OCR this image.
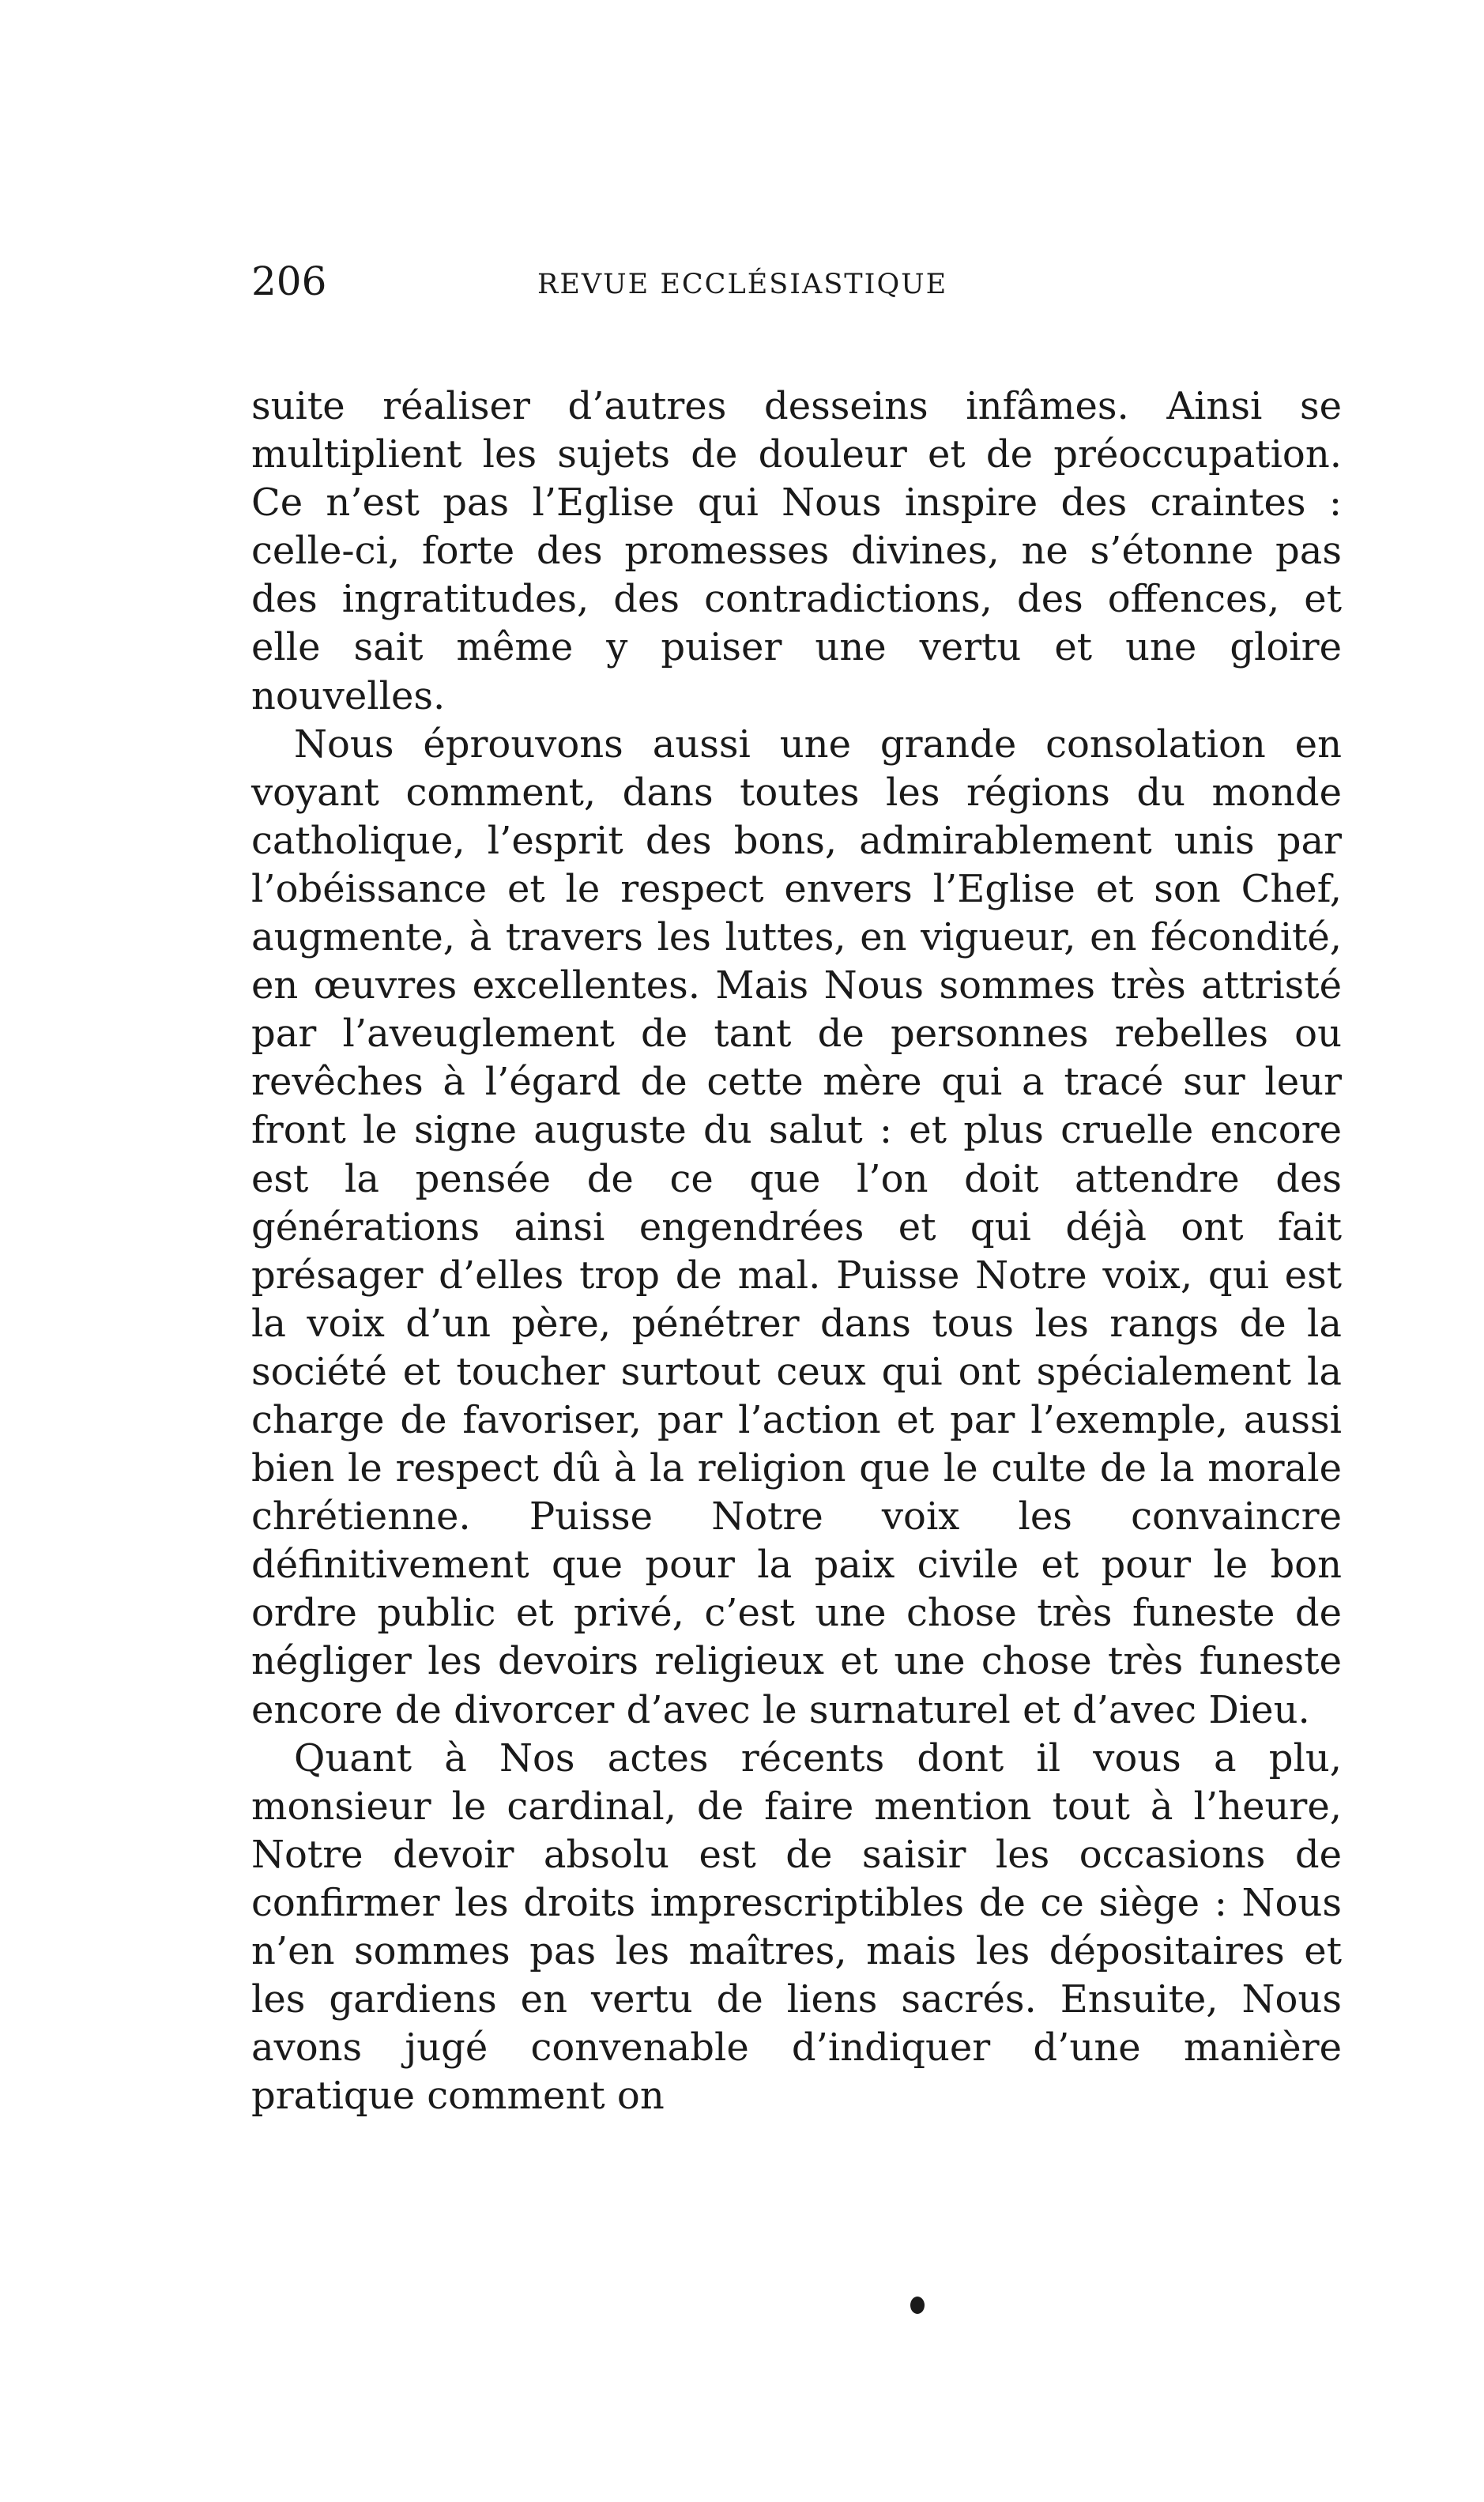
206	REVUE ECCLÉSIASTIQUE

suite réaliser d’autres desseins infâmes. Ainsi se multiplient les sujets de douleur et de préoccupation. Ce n’est pas l’Eglise qui Nous inspire des craintes : celle-ci, forte des promesses divines, ne s’étonne pas des ingratitudes, des contradictions, des offences, et elle sait même y puiser une vertu et une gloire nouvelles.

Nous éprouvons aussi une grande consolation en voyant comment, dans toutes les régions du monde catholique, l’esprit des bons, admirablement unis par l’obéissance et le respect envers l’Eglise et son Chef, augmente, à travers les luttes, en vigueur, en fécondité, en œuvres excellentes. Mais Nous sommes très attristé par l’aveuglement de tant de personnes rebelles ou revêches à l’égard de cette mère qui a tracé sur leur front le signe auguste du salut : et plus cruelle encore est la pensée de ce que l’on doit attendre des générations ainsi engendrées et qui déjà ont fait présager d’elles trop de mal. Puisse Notre voix, qui est la voix d’un père, pénétrer dans tous les rangs de la société et toucher surtout ceux qui ont spécialement la charge de favoriser, par l’action et par l’exemple, aussi bien le respect dû à la religion que le culte de la morale chrétienne. Puisse Notre voix les convaincre définitivement que pour la paix civile et pour le bon ordre public et privé, c’est une chose très funeste de négliger les devoirs religieux et une chose très funeste encore de divorcer d’avec le surnaturel et d’avec Dieu.

Quant à Nos actes récents dont il vous a plu, monsieur le cardinal, de faire mention tout à l’heure, Notre devoir absolu est de saisir les occasions de confirmer les droits imprescriptibles de ce siège : Nous n’en sommes pas les maîtres, mais les dépositaires et les gardiens en vertu de liens sacrés. Ensuite, Nous avons jugé convenable d’indiquer d’une manière pratique comment on
